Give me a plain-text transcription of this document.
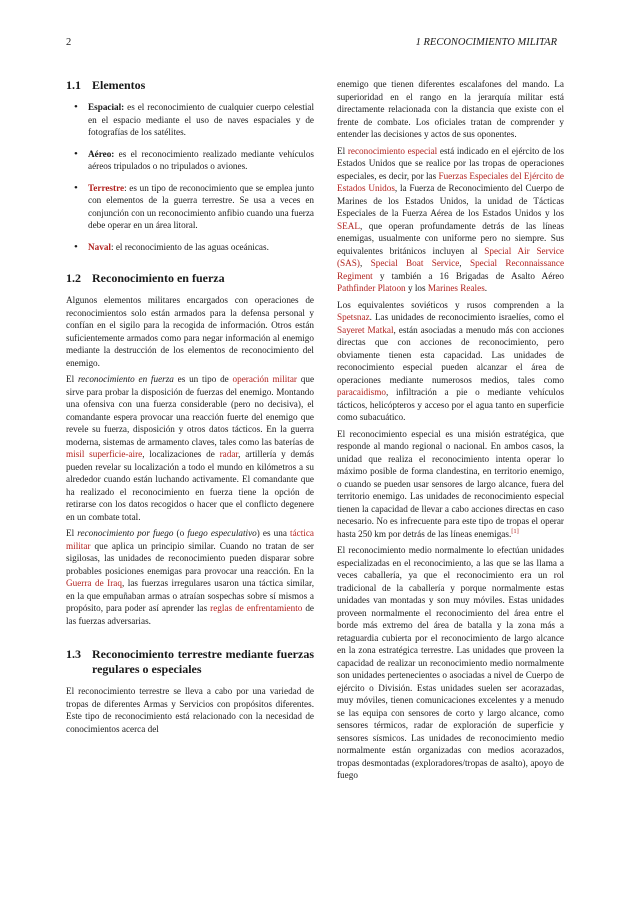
2	1 RECONOCIMIENTO MILITAR
1.1 Elementos
• Espacial: es el reconocimiento de cualquier cuerpo celestial en el espacio mediante el uso de naves espaciales y de fotografías de los satélites.
• Aéreo: es el reconocimiento realizado mediante vehículos aéreos tripulados o no tripulados o aviones.
• Terrestre: es un tipo de reconocimiento que se emplea junto con elementos de la guerra terrestre. Se usa a veces en conjunción con un reconocimiento anfibio cuando una fuerza debe operar en un área litoral.
• Naval: el reconocimiento de las aguas oceánicas.
1.2 Reconocimiento en fuerza

Algunos elementos militares encargados con operaciones de reconocimientos solo están armados para la defensa personal y confían en el sigilo para la recogida de información. Otros están suficientemente armados como para negar información al enemigo mediante la destrucción de los elementos de reconocimiento del enemigo.

El reconocimiento en fuerza es un tipo de operación militar que sirve para probar la disposición de fuerzas del enemigo. Montando una ofensiva con una fuerza considerable (pero no decisiva), el comandante espera provocar una reacción fuerte del enemigo que revele su fuerza, disposición y otros datos tácticos. En la guerra moderna, sistemas de armamento claves, tales como las baterías de misil superficie-aire, localizaciones de radar, artillería y demás pueden revelar su localización a todo el mundo en kilómetros a su alrededor cuando están luchando activamente. El comandante que ha realizado el reconocimiento en fuerza tiene la opción de retirarse con los datos recogidos o hacer que el conflicto degenere en un combate total.

El reconocimiento por fuego (o fuego especulativo) es una táctica militar que aplica un principio similar. Cuando no tratan de ser sigilosas, las unidades de reconocimiento pueden disparar sobre probables posiciones enemigas para provocar una reacción. En la Guerra de Iraq, las fuerzas irregulares usaron una táctica similar, en la que empuñaban armas o atraían sospechas sobre sí mismos a propósito, para poder así aprender las reglas de enfrentamiento de las fuerzas adversarias.

1.3 Reconocimiento terrestre mediante fuerzas regulares o especiales

El reconocimiento terrestre se lleva a cabo por una variedad de tropas de diferentes Armas y Servicios con propósitos diferentes. Este tipo de reconocimiento está relacionado con la necesidad de conocimientos acerca del

enemigo que tienen diferentes escalafones del mando. La superioridad en el rango en la jerarquía militar está directamente relacionada con la distancia que existe con el frente de combate. Los oficiales tratan de comprender y entender las decisiones y actos de sus oponentes.

El reconocimiento especial está indicado en el ejército de los Estados Unidos que se realice por las tropas de operaciones especiales, es decir, por las Fuerzas Especiales del Ejército de Estados Unidos, la Fuerza de Reconocimiento del Cuerpo de Marines de los Estados Unidos, la unidad de Tácticas Especiales de la Fuerza Aérea de los Estados Unidos y los SEAL, que operan profundamente detrás de las líneas enemigas, usualmente con uniforme pero no siempre. Sus equivalentes británicos incluyen al Special Air Service (SAS), Special Boat Service, Special Reconnaissance Regiment y también a 16 Brigadas de Asalto Aéreo Pathfinder Platoon y los Marines Reales.

Los equivalentes soviéticos y rusos comprenden a la Spetsnaz. Las unidades de reconocimiento israelíes, como el Sayeret Matkal, están asociadas a menudo más con acciones directas que con acciones de reconocimiento, pero obviamente tienen esta capacidad. Las unidades de reconocimiento especial pueden alcanzar el área de operaciones mediante numerosos medios, tales como paracaidismo, infiltración a pie o mediante vehículos tácticos, helicópteros y acceso por el agua tanto en superficie como subacuático.

El reconocimiento especial es una misión estratégica, que responde al mando regional o nacional. En ambos casos, la unidad que realiza el reconocimiento intenta operar lo máximo posible de forma clandestina, en territorio enemigo, o cuando se pueden usar sensores de largo alcance, fuera del territorio enemigo. Las unidades de reconocimiento especial tienen la capacidad de llevar a cabo acciones directas en caso necesario. No es infrecuente para este tipo de tropas el operar hasta 250 km por detrás de las líneas enemigas.[1]

El reconocimiento medio normalmente lo efectúan unidades especializadas en el reconocimiento, a las que se las llama a veces caballería, ya que el reconocimiento era un rol tradicional de la caballería y porque normalmente estas unidades van montadas y son muy móviles. Estas unidades proveen normalmente el reconocimiento del área entre el borde más extremo del área de batalla y la zona más a retaguardia cubierta por el reconocimiento de largo alcance en la zona estratégica terrestre. Las unidades que proveen la capacidad de realizar un reconocimiento medio normalmente son unidades pertenecientes o asociadas a nivel de Cuerpo de ejército o División. Estas unidades suelen ser acorazadas, muy móviles, tienen comunicaciones excelentes y a menudo se las equipa con sensores de corto y largo alcance, como sensores térmicos, radar de exploración de superficie y sensores sísmicos. Las unidades de reconocimiento medio normalmente están organizadas con medios acorazados, tropas desmontadas (exploradores/tropas de asalto), apoyo de fuego
